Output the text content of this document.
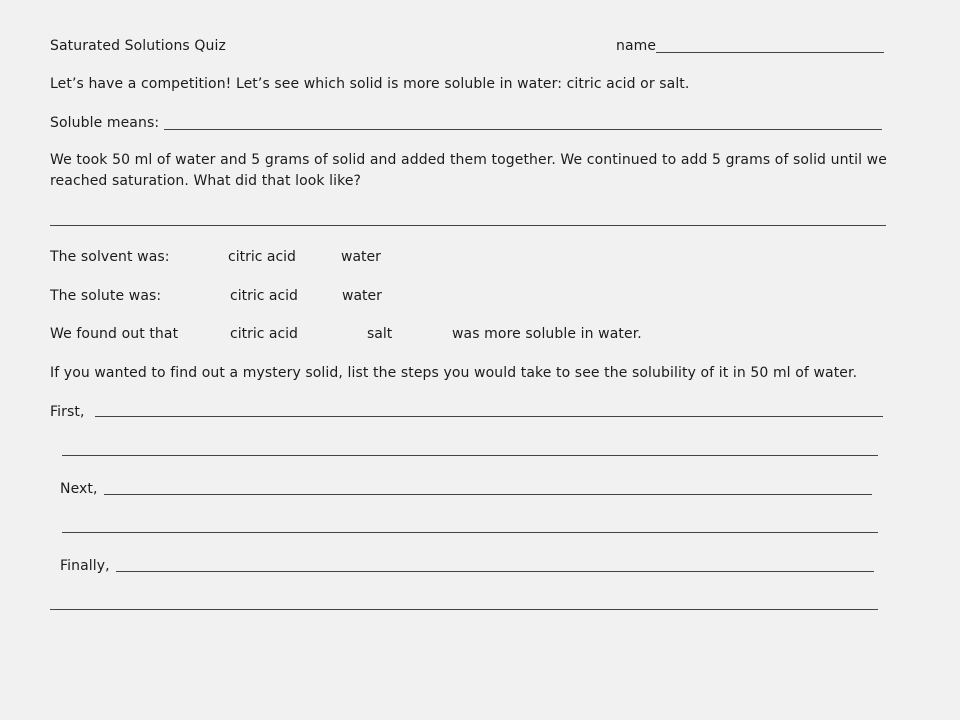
Saturated Solutions Quiz	name
Let’s have a competition! Let’s see which solid is more soluble in water: citric acid or salt.
Soluble means:
We took 50 ml of water and 5 grams of solid and added them together. We continued to add 5 grams of solid until we reached saturation. What did that look like?
The solvent was:	citric acid	water
The solute was:	citric acid	water
We found out that	citric acid	salt	was more soluble in water.
If you wanted to find out a mystery solid, list the steps you would take to see the solubility of it in 50 ml of water.
First,
Next,
Finally,
